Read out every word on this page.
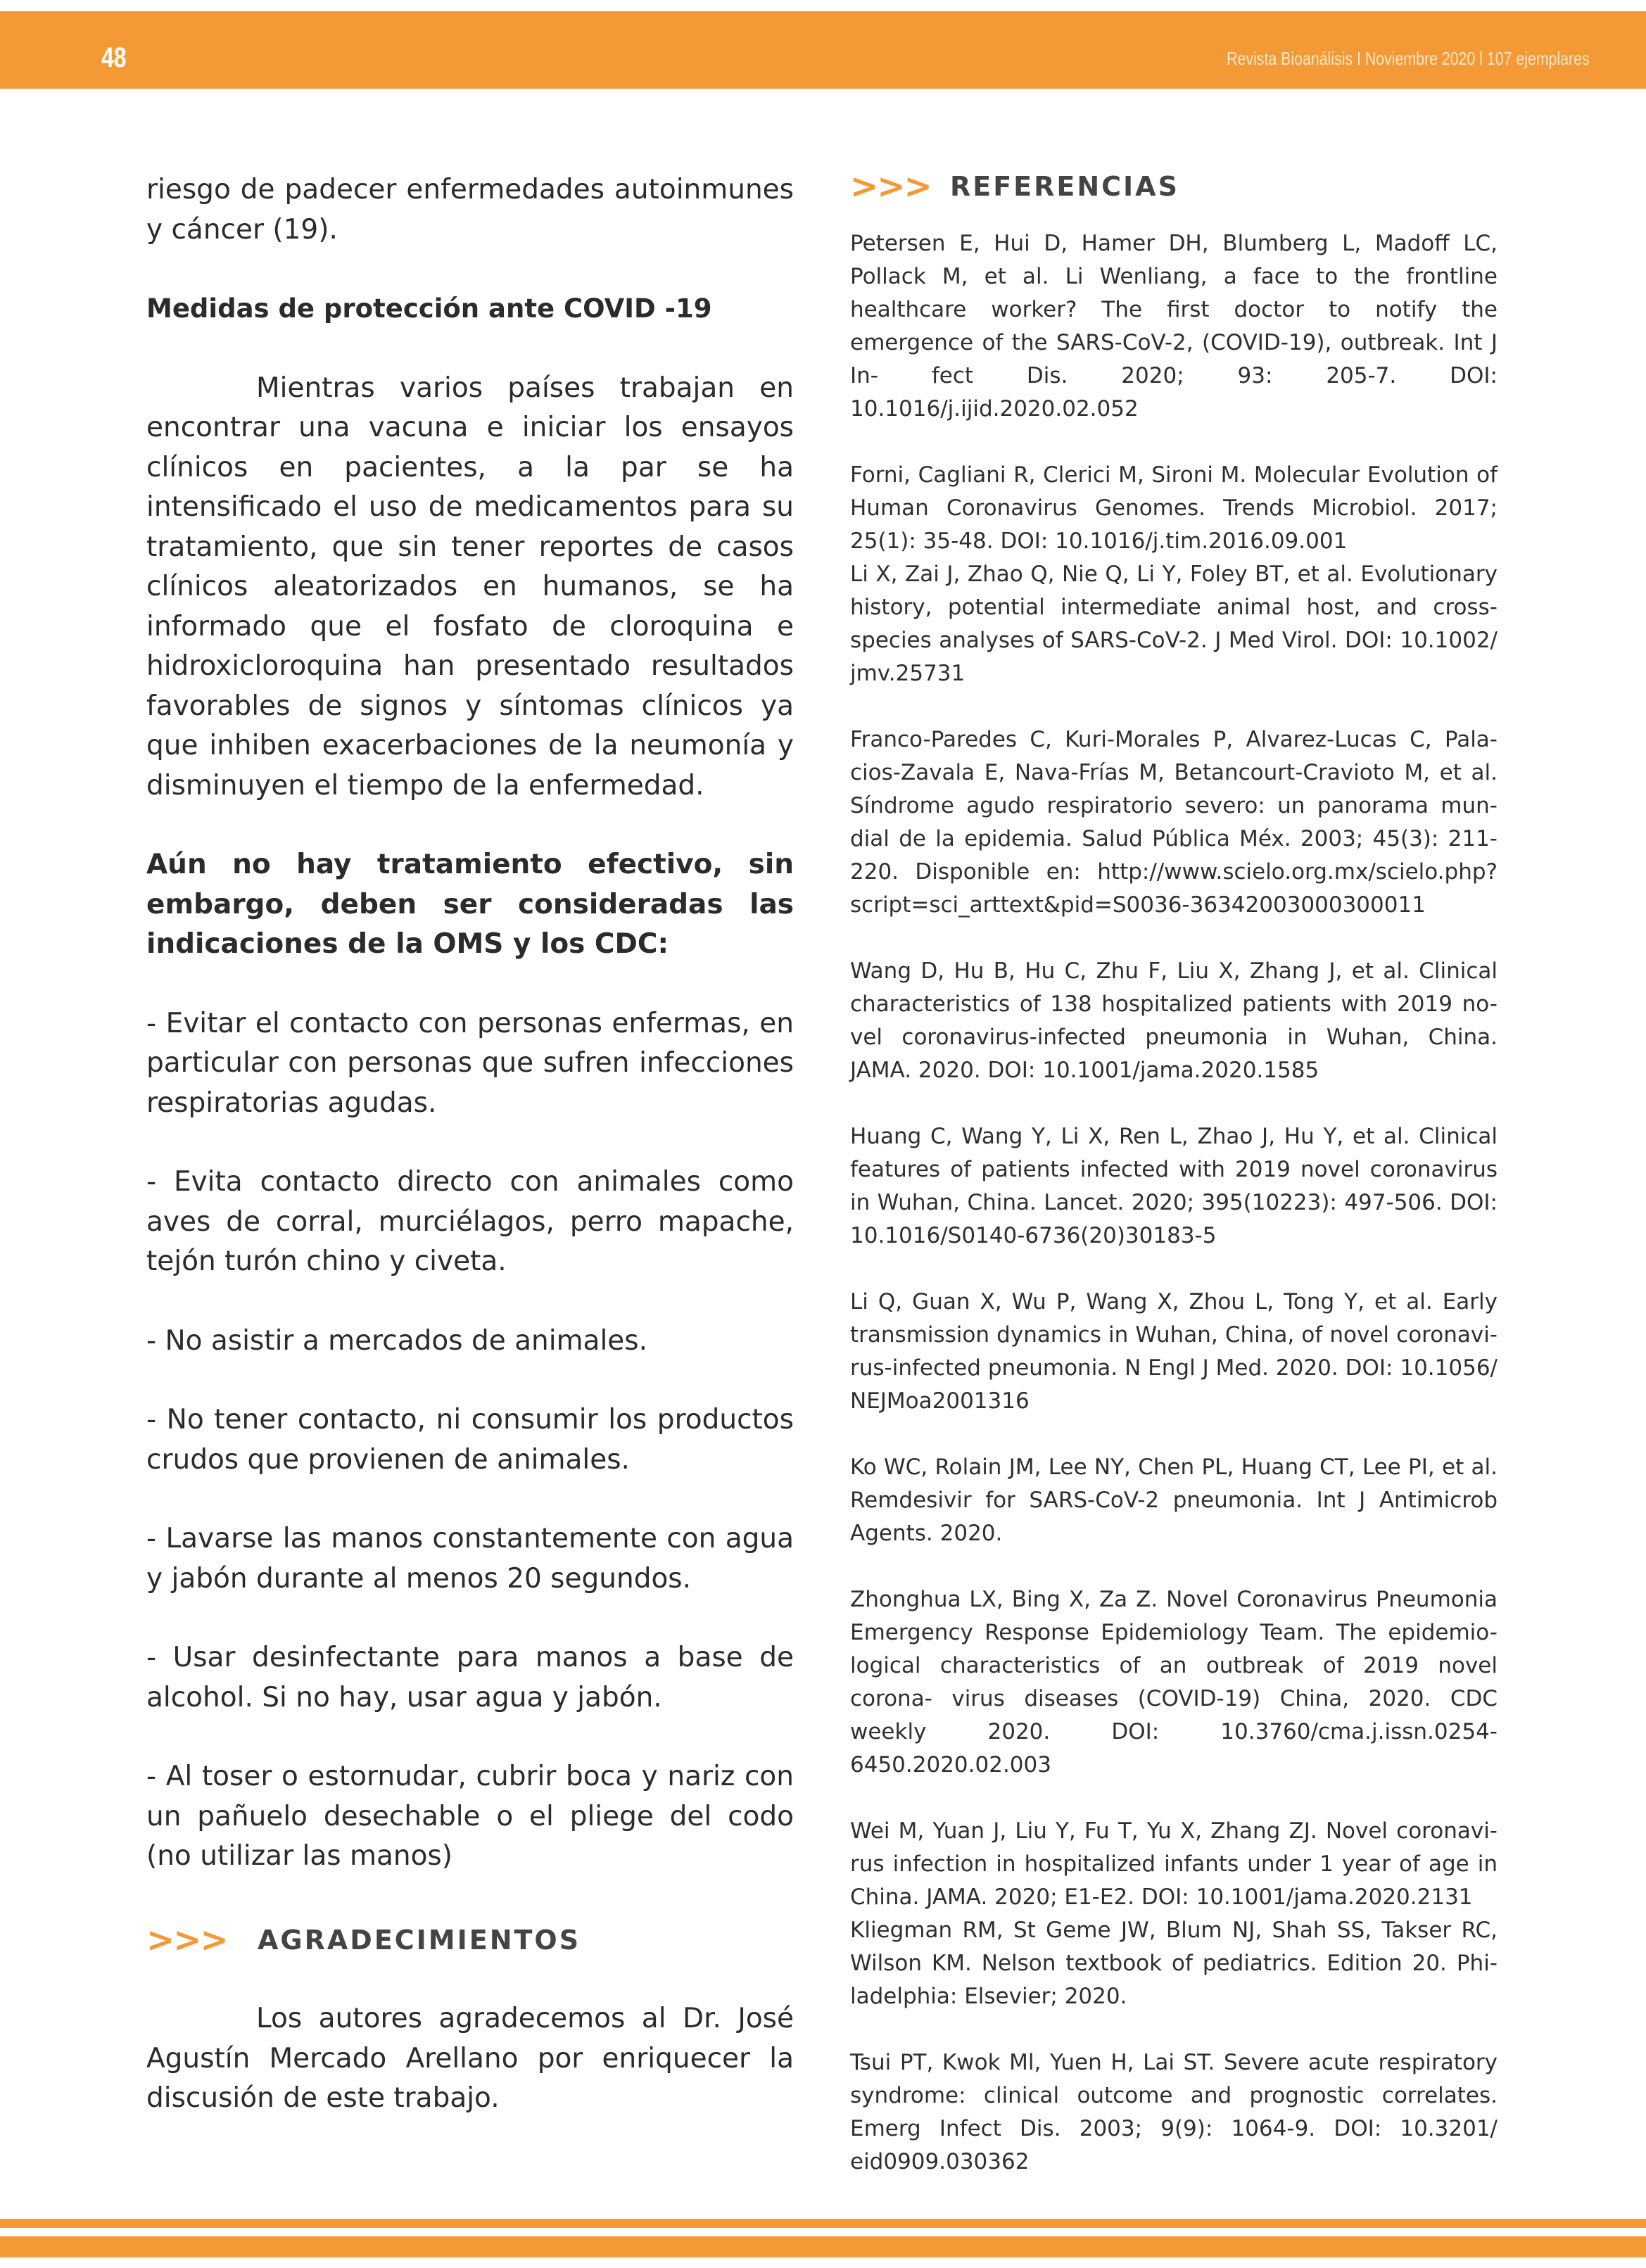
48	Revista Bioanálisis I Noviembre 2020 l 107 ejemplares

riesgo de padecer enfermedades autoinmunes y cáncer (19).

Medidas de protección ante COVID -19

Mientras varios países trabajan en encontrar una vacuna e iniciar los ensayos clínicos en pacientes, a la par se ha intensificado el uso de medicamentos para su tratamiento, que sin tener reportes de casos clínicos aleatorizados en humanos, se ha informado que el fosfato de cloroquina e hidroxicloroquina han presentado resultados favorables de signos y síntomas clínicos ya que inhiben exacerbaciones de la neumonía y disminuyen el tiempo de la enfermedad.

Aún no hay tratamiento efectivo, sin embargo, deben ser consideradas las indicaciones de la OMS y los CDC:

- Evitar el contacto con personas enfermas, en particular con personas que sufren infecciones respiratorias agudas.

- Evita contacto directo con animales como aves de corral, murciélagos, perro mapache, tejón turón chino y civeta.

- No asistir a mercados de animales.

- No tener contacto, ni consumir los productos crudos que provienen de animales.

- Lavarse las manos constantemente con agua y jabón durante al menos 20 segundos.

- Usar desinfectante para manos a base de alcohol. Si no hay, usar agua y jabón.

- Al toser o estornudar, cubrir boca y nariz con un pañuelo desechable o el pliege del codo (no utilizar las manos)

>>>	AGRADECIMIENTOS

Los autores agradecemos al Dr. José Agustín Mercado Arellano por enriquecer la discusión de este trabajo.

>>> REFERENCIAS

Petersen E, Hui D, Hamer DH, Blumberg L, Madoff LC, Pollack M, et al. Li Wenliang, a face to the frontline healthcare worker? The first doctor to notify the emergence of the SARS-CoV-2, (COVID-19), outbreak. Int J In- fect Dis. 2020; 93: 205-7. DOI: 10.1016/j.ijid.2020.02.052

Forni, Cagliani R, Clerici M, Sironi M. Molecular Evolution of Human Coronavirus Genomes. Trends Microbiol. 2017; 25(1): 35-48. DOI: 10.1016/j.tim.2016.09.001

Li X, Zai J, Zhao Q, Nie Q, Li Y, Foley BT, et al. Evolutionary history, potential intermediate animal host, and cross- species analyses of SARS-CoV-2. J Med Virol. DOI: 10.1002/ jmv.25731

Franco-Paredes C, Kuri-Morales P, Alvarez-Lucas C, Pala- cios-Zavala E, Nava-Frías M, Betancourt-Cravioto M, et al. Síndrome agudo respiratorio severo: un panorama mun- dial de la epidemia. Salud Pública Méx. 2003; 45(3): 211- 220. Disponible en: http://www.scielo.org.mx/scielo.php? script=sci_arttext&pid=S0036-36342003000300011

Wang D, Hu B, Hu C, Zhu F, Liu X, Zhang J, et al. Clinical characteristics of 138 hospitalized patients with 2019 no- vel coronavirus-infected pneumonia in Wuhan, China. JAMA. 2020. DOI: 10.1001/jama.2020.1585

Huang C, Wang Y, Li X, Ren L, Zhao J, Hu Y, et al. Clinical features of patients infected with 2019 novel coronavirus in Wuhan, China. Lancet. 2020; 395(10223): 497-506. DOI: 10.1016/S0140-6736(20)30183-5

Li Q, Guan X, Wu P, Wang X, Zhou L, Tong Y, et al. Early transmission dynamics in Wuhan, China, of novel coronavi- rus-infected pneumonia. N Engl J Med. 2020. DOI: 10.1056/ NEJMoa2001316

Ko WC, Rolain JM, Lee NY, Chen PL, Huang CT, Lee PI, et al. Remdesivir for SARS-CoV-2 pneumonia. Int J Antimicrob Agents. 2020.

Zhonghua LX, Bing X, Za Z. Novel Coronavirus Pneumonia Emergency Response Epidemiology Team. The epidemio- logical characteristics of an outbreak of 2019 novel corona- virus diseases (COVID-19) China, 2020. CDC weekly 2020. DOI: 10.3760/cma.j.issn.0254-6450.2020.02.003

Wei M, Yuan J, Liu Y, Fu T, Yu X, Zhang ZJ. Novel coronavi- rus infection in hospitalized infants under 1 year of age in China. JAMA. 2020; E1-E2. DOI: 10.1001/jama.2020.2131

Kliegman RM, St Geme JW, Blum NJ, Shah SS, Takser RC, Wilson KM. Nelson textbook of pediatrics. Edition 20. Phi- ladelphia: Elsevier; 2020.

Tsui PT, Kwok Ml, Yuen H, Lai ST. Severe acute respiratory syndrome: clinical outcome and prognostic correlates. Emerg Infect Dis. 2003; 9(9): 1064-9. DOI: 10.3201/ eid0909.030362
